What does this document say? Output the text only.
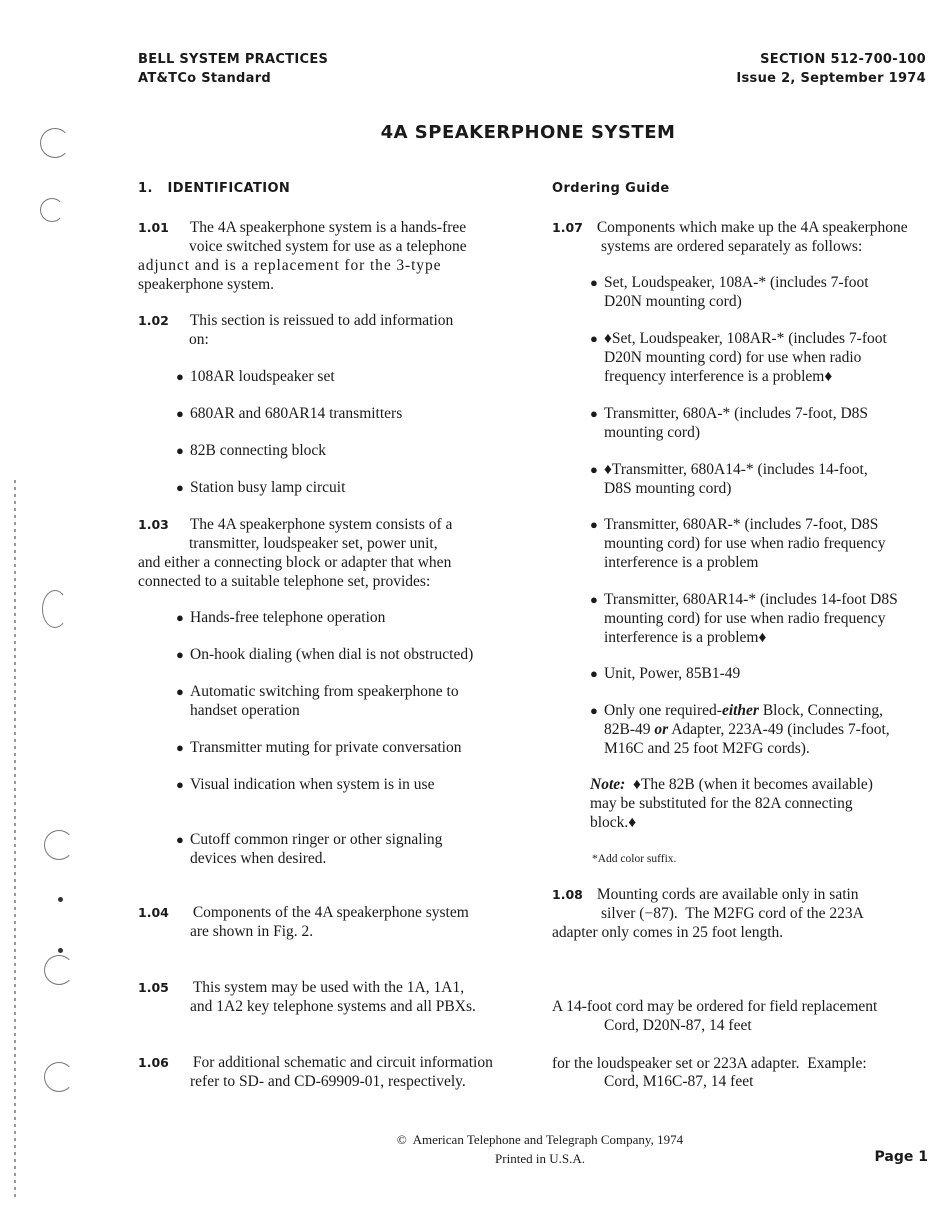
BELL SYSTEM PRACTICES
AT&TCo Standard
SECTION 512-700-100
Issue 2, September 1974
4A SPEAKERPHONE SYSTEM
1.   IDENTIFICATION
1.01 The 4A speakerphone system is a hands-free
voice switched system for use as a telephone
adjunct and is a replacement for the 3-type
speakerphone system.
1.02 This section is reissued to add information
on:
● 108AR loudspeaker set
● 680AR and 680AR14 transmitters
● 82B connecting block
● Station busy lamp circuit
1.03 The 4A speakerphone system consists of a
transmitter, loudspeaker set, power unit,
and either a connecting block or adapter that when
connected to a suitable telephone set, provides:
● Hands-free telephone operation
● On-hook dialing (when dial is not obstructed)
● Automatic switching from speakerphone to
handset operation
● Transmitter muting for private conversation
● Visual indication when system is in use
● Cutoff common ringer or other signaling
devices when desired.
1.04 Components of the 4A speakerphone system
are shown in Fig. 2.
1.05 This system may be used with the 1A, 1A1,
and 1A2 key telephone systems and all PBXs.
1.06 For additional schematic and circuit information
refer to SD- and CD-69909-01, respectively.
Ordering Guide
1.07 Components which make up the 4A speakerphone
systems are ordered separately as follows:
● Set, Loudspeaker, 108A-* (includes 7-foot
D20N mounting cord)
● ♦Set, Loudspeaker, 108AR-* (includes 7-foot
D20N mounting cord) for use when radio
frequency interference is a problem♦
● Transmitter, 680A-* (includes 7-foot, D8S
mounting cord)
● ♦Transmitter, 680A14-* (includes 14-foot,
D8S mounting cord)
● Transmitter, 680AR-* (includes 7-foot, D8S
mounting cord) for use when radio frequency
interference is a problem
● Transmitter, 680AR14-* (includes 14-foot D8S
mounting cord) for use when radio frequency
interference is a problem♦
● Unit, Power, 85B1-49
● Only one required-either Block, Connecting,
82B-49 or Adapter, 223A-49 (includes 7-foot,
M16C and 25 foot M2FG cords).
Note: ♦The 82B (when it becomes available)
may be substituted for the 82A connecting
block.♦
*Add color suffix.
1.08 Mounting cords are available only in satin
silver (−87).  The M2FG cord of the 223A
adapter only comes in 25 foot length.

A 14-foot cord may be ordered for field replacement

for the loudspeaker set or 223A adapter.  Example:

Cord, D20N-87, 14 feet
Cord, M16C-87, 14 feet
©  American Telephone and Telegraph Company, 1974
Printed in U.S.A.	Page 1
